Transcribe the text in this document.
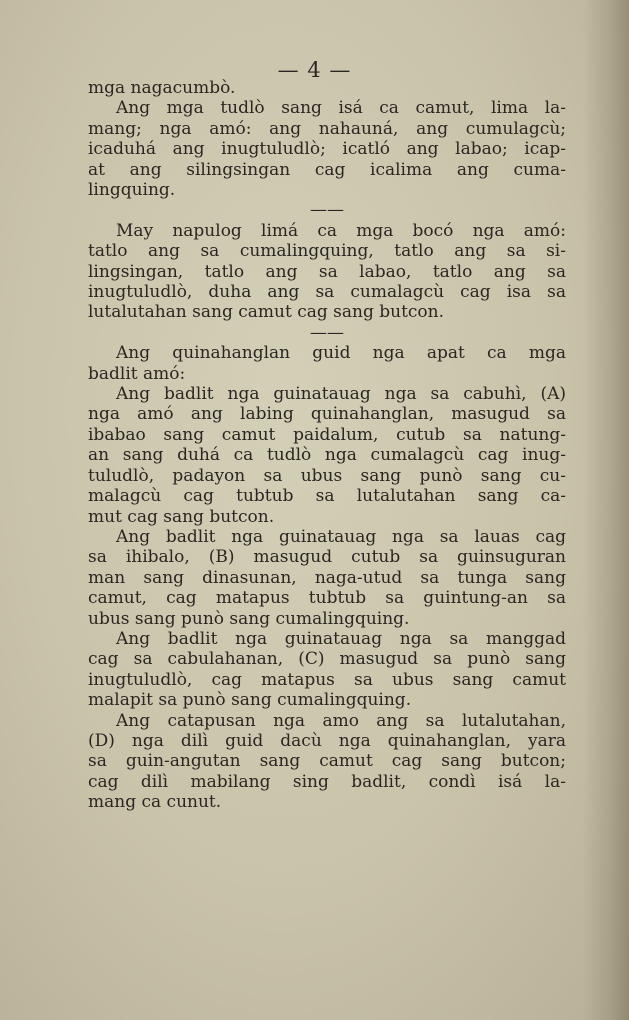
— 4 —
mga nagacumbò.
Ang mga tudlò sang isá ca camut, lima la-
mang; nga amó: ang nahauná, ang cumulagcù;
icaduhá ang inugtuludlò; icatló ang labao; icap-
at ang silingsingan cag icalima ang cuma-
lingquing.
——
May napulog limá ca mga bocó nga amó:
tatlo ang sa cumalingquing, tatlo ang sa si-
lingsingan, tatlo ang sa labao, tatlo ang sa
inugtuludlò, duha ang sa cumalagcù cag isa sa
lutalutahan sang camut cag sang butcon.
——
Ang quinahanglan guid nga apat ca mga
badlit amó:
Ang badlit nga guinatauag nga sa cabuhì, (A)
nga amó ang labing quinahanglan, masugud sa
ibabao sang camut paidalum, cutub sa natung-
an sang duhá ca tudlò nga cumalagcù cag inug-
tuludlò, padayon sa ubus sang punò sang cu-
malagcù cag tubtub sa lutalutahan sang ca-
mut cag sang butcon.
Ang badlit nga guinatauag nga sa lauas cag
sa ihibalo, (B) masugud cutub sa guinsuguran
man sang dinasunan, naga-utud sa tunga sang
camut, cag matapus tubtub sa guintung-an sa
ubus sang punò sang cumalingquing.
Ang badlit nga guinatauag nga sa manggad
cag sa cabulahanan, (C) masugud sa punò sang
inugtuludlò, cag matapus sa ubus sang camut
malapit sa punò sang cumalingquing.
Ang catapusan nga amo ang sa lutalutahan,
(D) nga dilì guid dacù nga quinahanglan, yara
sa guin-angutan sang camut cag sang butcon;
cag dilì mabilang sing badlit, condì isá la-
mang ca cunut.
